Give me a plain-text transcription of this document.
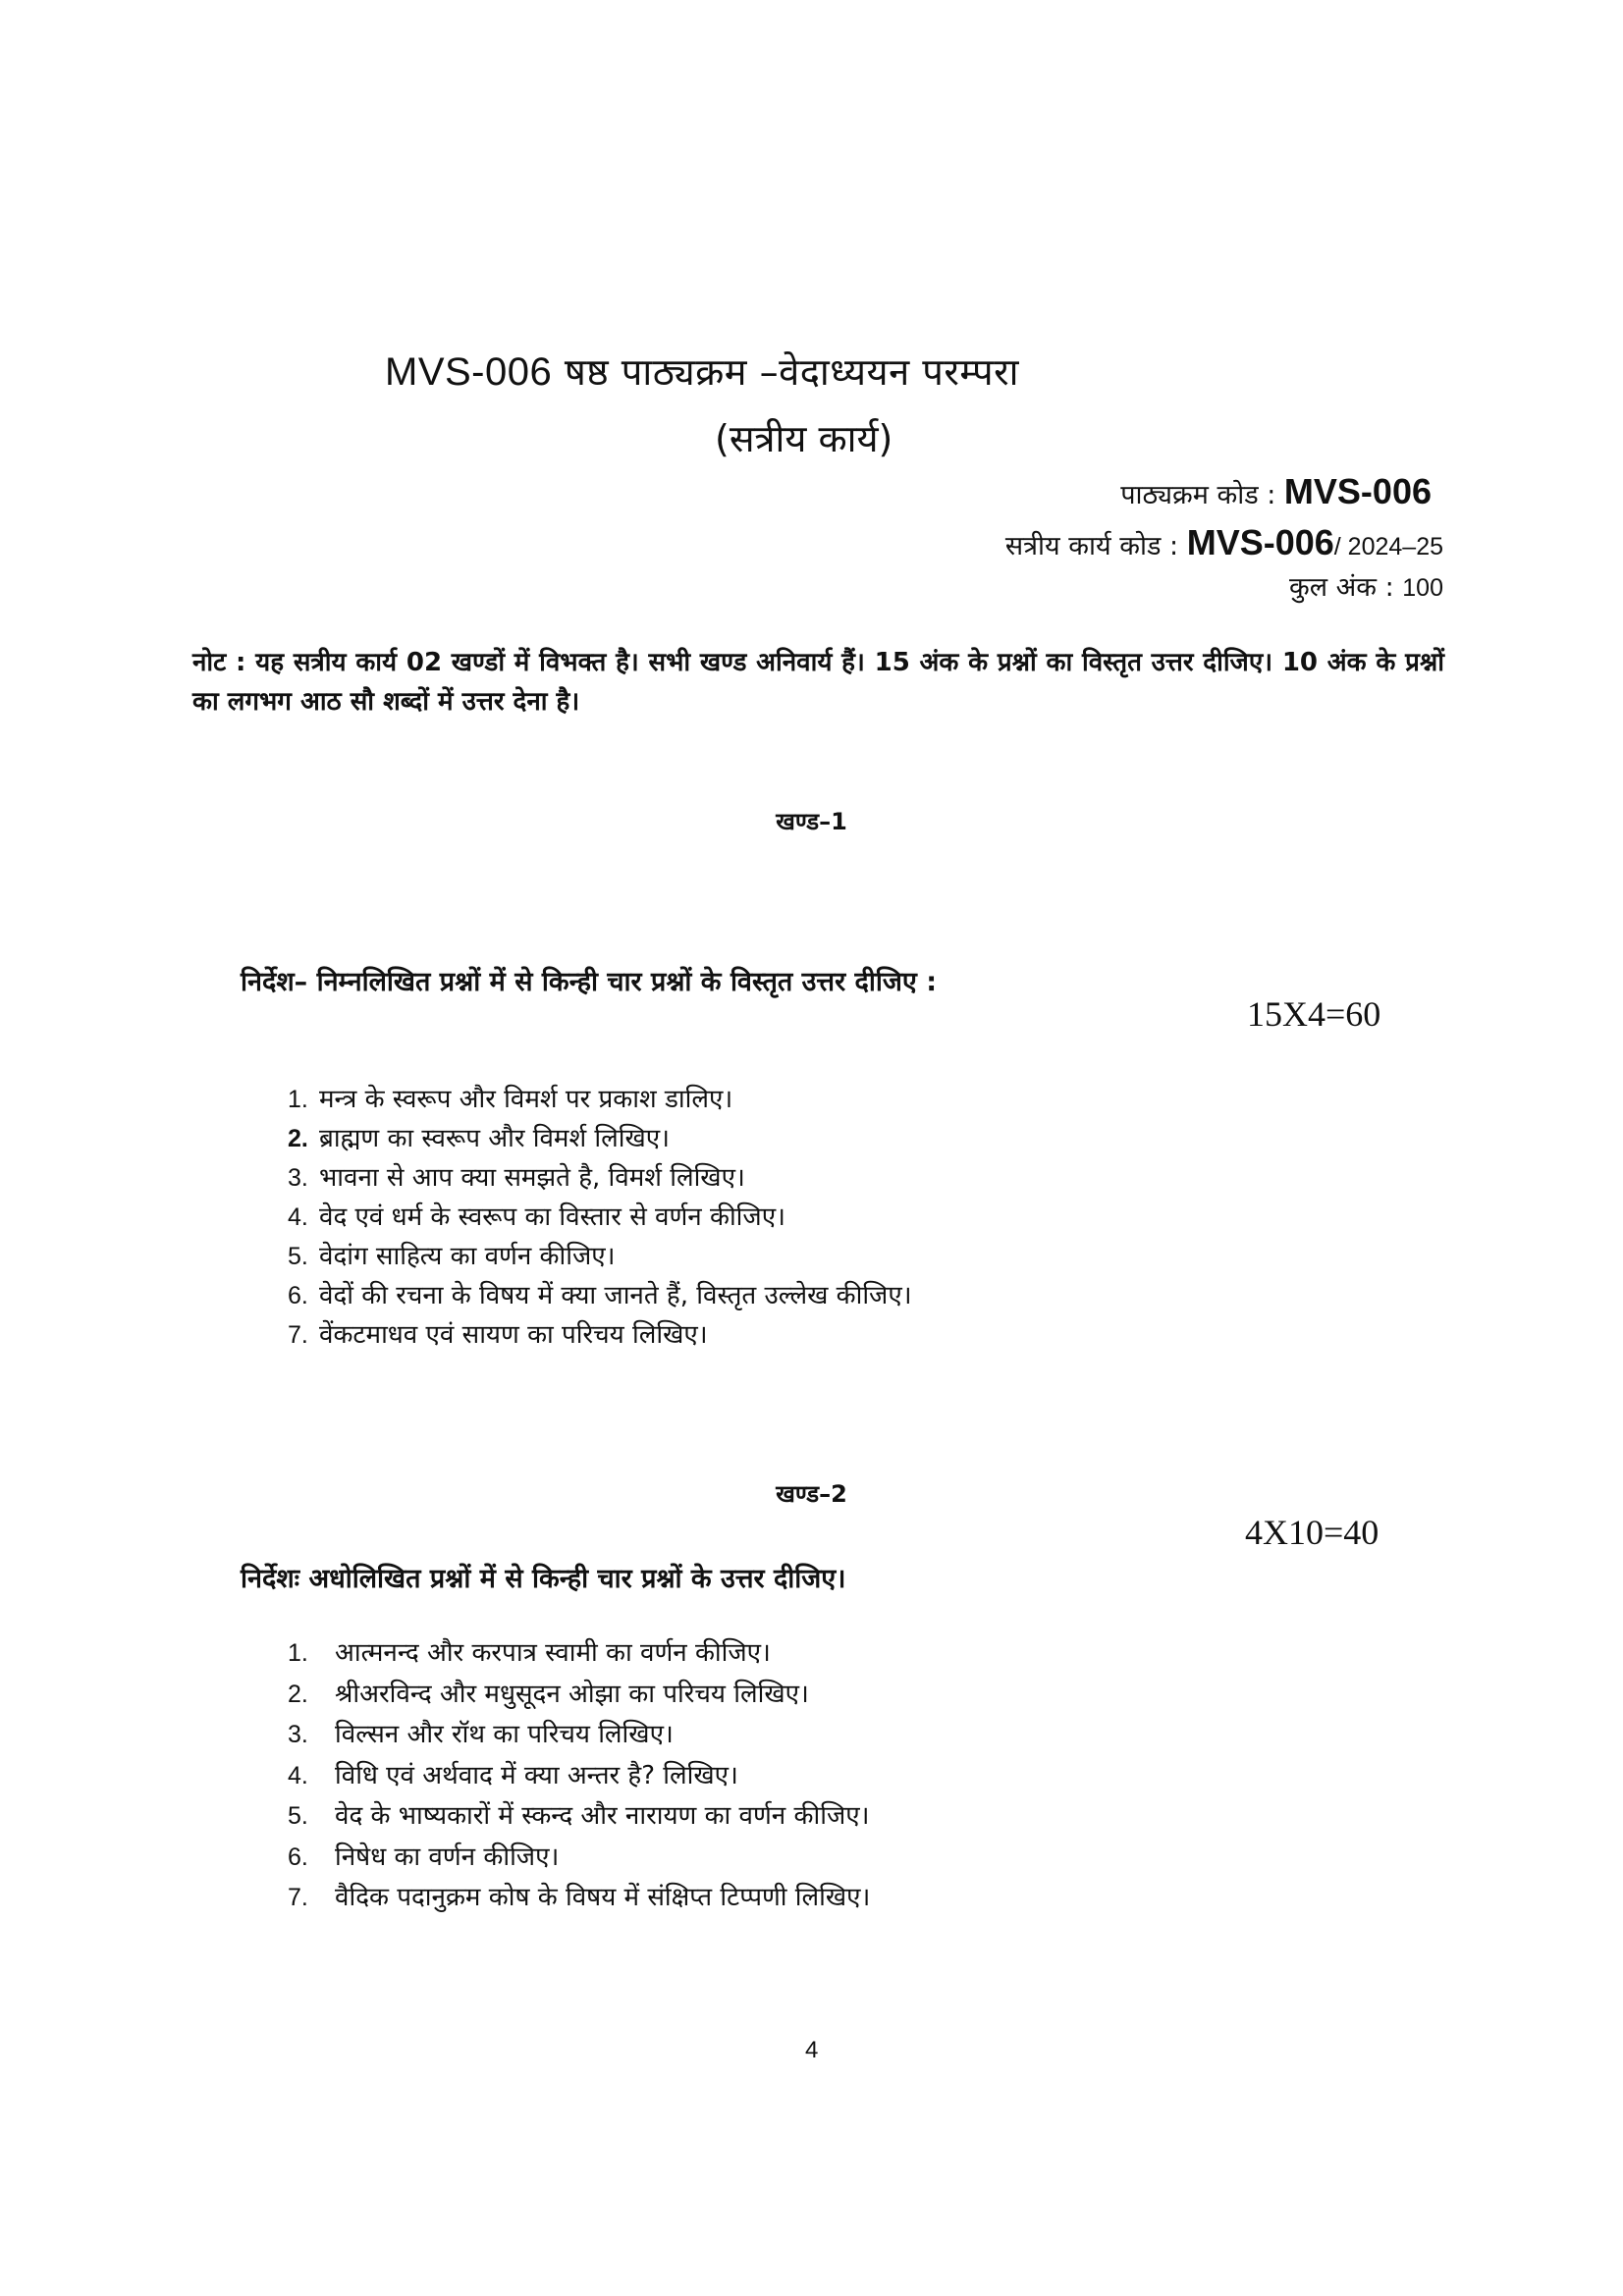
MVS-006 षष्ठ पाठ्यक्रम –वेदाध्ययन परम्परा
(सत्रीय कार्य)
पाठ्यक्रम कोड : MVS-006
सत्रीय कार्य कोड : MVS-006/ 2024–25
कुल अंक : 100
नोट : यह सत्रीय कार्य 02 खण्डों में विभक्त है। सभी खण्ड अनिवार्य हैं। 15 अंक के प्रश्नों का विस्तृत उत्तर दीजिए। 10 अंक के प्रश्नों का लगभग आठ सौ शब्दों में उत्तर देना है।
खण्ड–1
निर्देश– निम्नलिखित प्रश्नों में से किन्ही चार प्रश्नों के विस्तृत उत्तर दीजिए :
15X4=60
1. मन्त्र के स्वरूप और विमर्श पर प्रकाश डालिए।
2. ब्राह्मण का स्वरूप और विमर्श लिखिए।
3. भावना से आप क्या समझते है, विमर्श लिखिए।
4. वेद एवं धर्म के स्वरूप का विस्तार से वर्णन कीजिए।
5. वेदांग साहित्य का वर्णन कीजिए।
6. वेदों की रचना के विषय में क्या जानते हैं, विस्तृत उल्लेख कीजिए।
7. वेंकटमाधव एवं सायण का परिचय लिखिए।
खण्ड–2
4X10=40
निर्देशः अधोलिखित प्रश्नों में से किन्ही चार प्रश्नों के उत्तर दीजिए।
1.	आत्मनन्द और करपात्र स्वामी का वर्णन कीजिए।
2.	श्रीअरविन्द और मधुसूदन ओझा का परिचय लिखिए।
3.	विल्सन और रॉथ का परिचय लिखिए।
4.	विधि एवं अर्थवाद में क्या अन्तर है? लिखिए।
5.	वेद के भाष्यकारों में स्कन्द और नारायण का वर्णन कीजिए।
6.	निषेध का वर्णन कीजिए।
7.	वैदिक पदानुक्रम कोष के विषय में संक्षिप्त टिप्पणी लिखिए।
4
